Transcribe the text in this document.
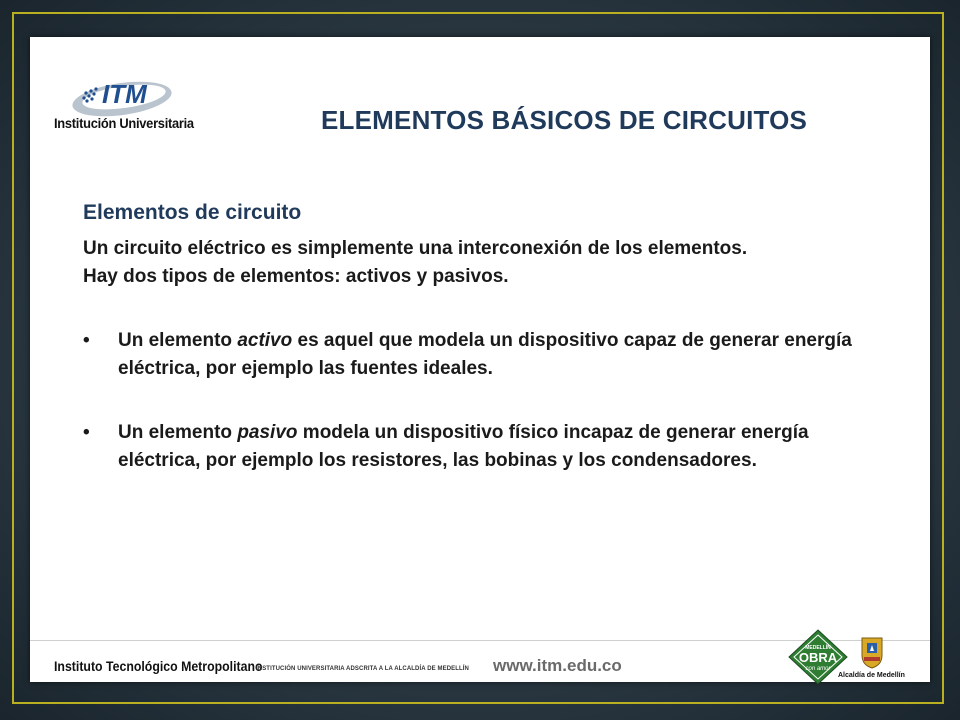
ITM
Institución Universitaria	ELEMENTOS BÁSICOS DE CIRCUITOS
Elementos de circuito
Un circuito eléctrico es simplemente una interconexión de los elementos.
Hay dos tipos de elementos: activos y pasivos.
• Un elemento activo es aquel que modela un dispositivo capaz de generar energía eléctrica, por ejemplo las fuentes ideales.
• Un elemento pasivo modela un dispositivo físico incapaz de generar energía eléctrica, por ejemplo los resistores, las bobinas y los condensadores.
Instituto Tecnológico Metropolitano
INSTITUCIÓN UNIVERSITARIA ADSCRITA A LA ALCALDÍA DE MEDELLÍN www.itm.edu.co
MEDELLÍN
OBRA
con amor
Alcaldía de Medellín
